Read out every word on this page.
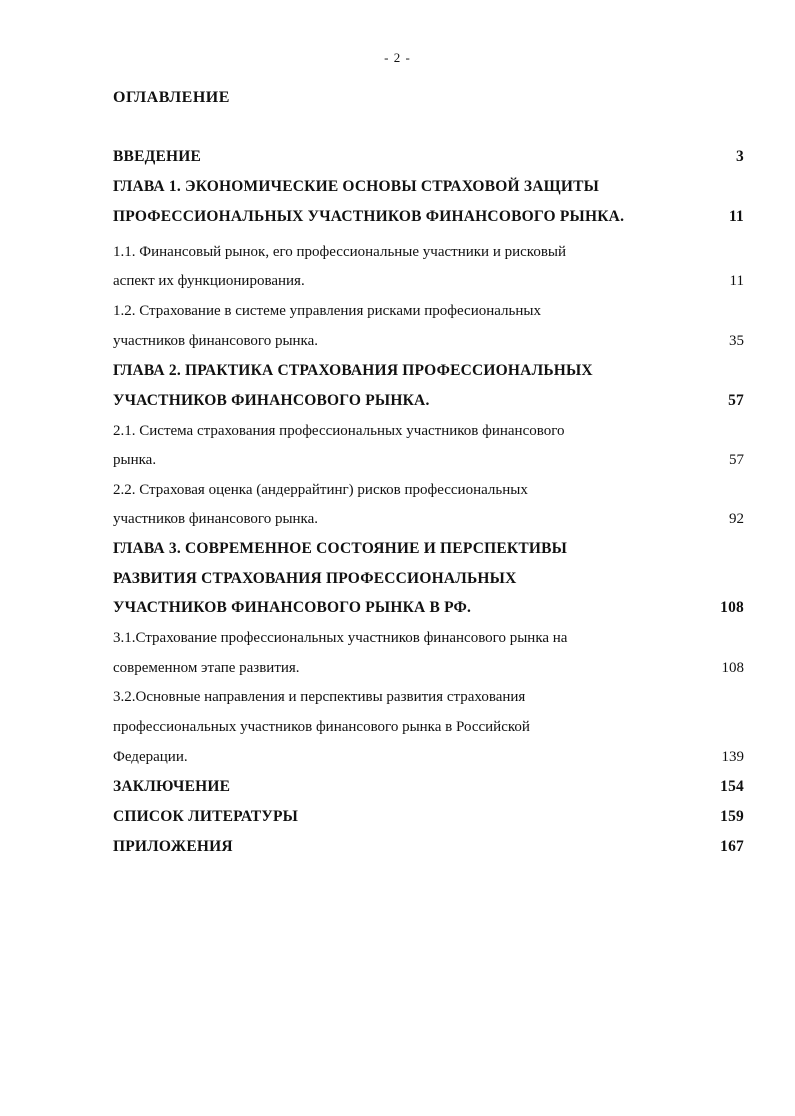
- 2 -
ОГЛАВЛЕНИЕ
ВВЕДЕНИЕ	3
ГЛАВА 1. ЭКОНОМИЧЕСКИЕ ОСНОВЫ СТРАХОВОЙ ЗАЩИТЫ
ПРОФЕССИОНАЛЬНЫХ УЧАСТНИКОВ ФИНАНСОВОГО РЫНКА.	11
1.1. Финансовый рынок, его профессиональные участники и рисковый
аспект их функционирования.	11
1.2. Страхование в системе управления рисками професиональных
участников финансового рынка.	35
ГЛАВА 2. ПРАКТИКА СТРАХОВАНИЯ ПРОФЕССИОНАЛЬНЫХ
УЧАСТНИКОВ ФИНАНСОВОГО РЫНКА.	57
2.1. Система страхования профессиональных участников финансового
рынка.	57
2.2. Страховая оценка (андеррайтинг) рисков профессиональных
участников финансового рынка.	92
ГЛАВА 3. СОВРЕМЕННОЕ СОСТОЯНИЕ И ПЕРСПЕКТИВЫ
РАЗВИТИЯ СТРАХОВАНИЯ ПРОФЕССИОНАЛЬНЫХ
УЧАСТНИКОВ ФИНАНСОВОГО РЫНКА В РФ.	108
3.1.Страхование профессиональных участников финансового рынка на
современном этапе развития.	108
3.2.Основные направления и перспективы развития страхования
профессиональных участников финансового рынка в Российской
Федерации.	139
ЗАКЛЮЧЕНИЕ	154
СПИСОК ЛИТЕРАТУРЫ	159
ПРИЛОЖЕНИЯ	167
